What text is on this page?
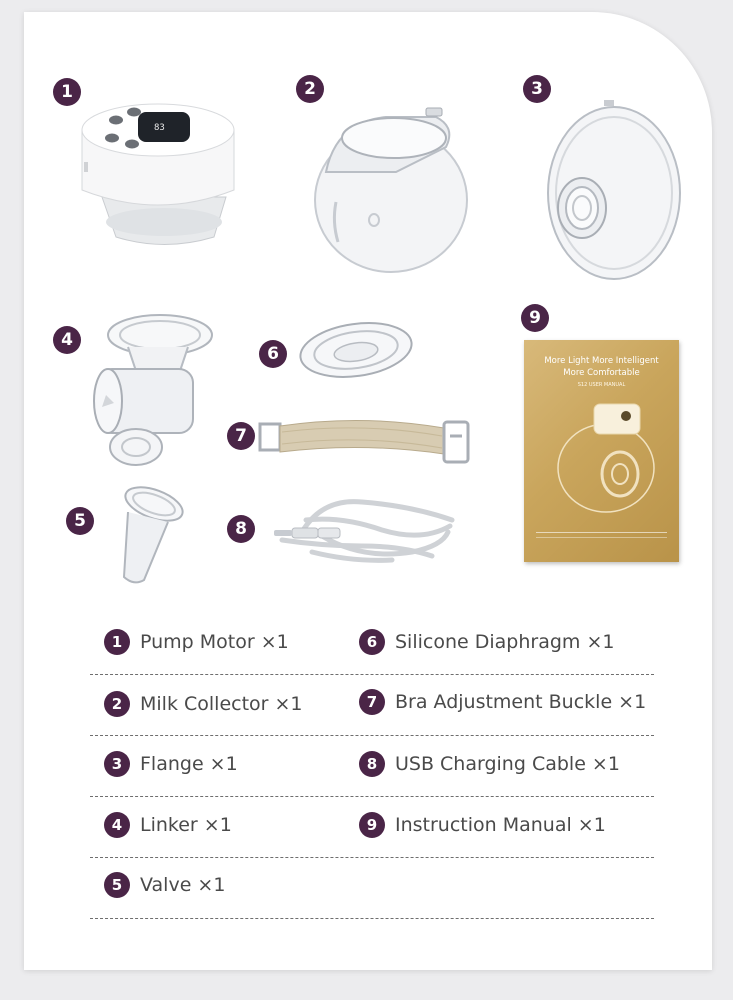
1	2	3
4
5
6
7
8
9
83
More Light More Intelligent
More Comfortable
S12 USER MANUAL
1 Pump Motor ×1
2 Milk Collector ×1
3 Flange ×1
4 Linker ×1
5 Valve ×1
6 Silicone Diaphragm ×1
7 Bra Adjustment Buckle ×1
8 USB Charging Cable ×1
9 Instruction Manual ×1
